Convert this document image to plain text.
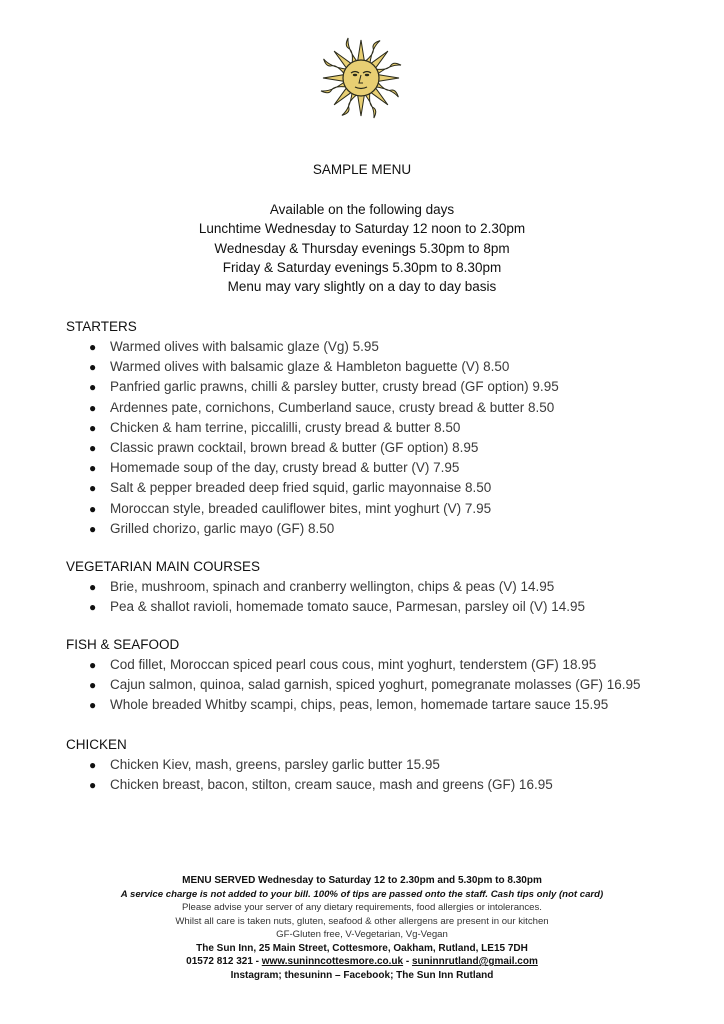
SAMPLE MENU
Available on the following days
Lunchtime Wednesday to Saturday 12 noon to 2.30pm
Wednesday & Thursday evenings 5.30pm to 8pm
Friday & Saturday evenings 5.30pm to 8.30pm
Menu may vary slightly on a day to day basis
STARTERS
● Warmed olives with balsamic glaze (Vg) 5.95
● Warmed olives with balsamic glaze & Hambleton baguette (V) 8.50
● Panfried garlic prawns, chilli & parsley butter, crusty bread (GF option) 9.95
● Ardennes pate, cornichons, Cumberland sauce, crusty bread & butter 8.50
● Chicken & ham terrine, piccalilli, crusty bread & butter 8.50
● Classic prawn cocktail, brown bread & butter (GF option) 8.95
● Homemade soup of the day, crusty bread & butter (V) 7.95
● Salt & pepper breaded deep fried squid, garlic mayonnaise 8.50
● Moroccan style, breaded cauliflower bites, mint yoghurt (V) 7.95
● Grilled chorizo, garlic mayo (GF) 8.50
VEGETARIAN MAIN COURSES
● Brie, mushroom, spinach and cranberry wellington, chips & peas (V) 14.95
● Pea & shallot ravioli, homemade tomato sauce, Parmesan, parsley oil (V) 14.95
FISH & SEAFOOD
● Cod fillet, Moroccan spiced pearl cous cous, mint yoghurt, tenderstem (GF) 18.95
● Cajun salmon, quinoa, salad garnish, spiced yoghurt, pomegranate molasses (GF) 16.95
● Whole breaded Whitby scampi, chips, peas, lemon, homemade tartare sauce 15.95
CHICKEN
● Chicken Kiev, mash, greens, parsley garlic butter 15.95
● Chicken breast, bacon, stilton, cream sauce, mash and greens (GF) 16.95
MENU SERVED Wednesday to Saturday 12 to 2.30pm and 5.30pm to 8.30pm
A service charge is not added to your bill. 100% of tips are passed onto the staff. Cash tips only (not card)
Please advise your server of any dietary requirements, food allergies or intolerances.
Whilst all care is taken nuts, gluten, seafood & other allergens are present in our kitchen
GF-Gluten free, V-Vegetarian, Vg-Vegan
The Sun Inn, 25 Main Street, Cottesmore, Oakham, Rutland, LE15 7DH
01572 812 321 - www.suninncottesmore.co.uk - suninnrutland@gmail.com
Instagram; thesuninn – Facebook; The Sun Inn Rutland
